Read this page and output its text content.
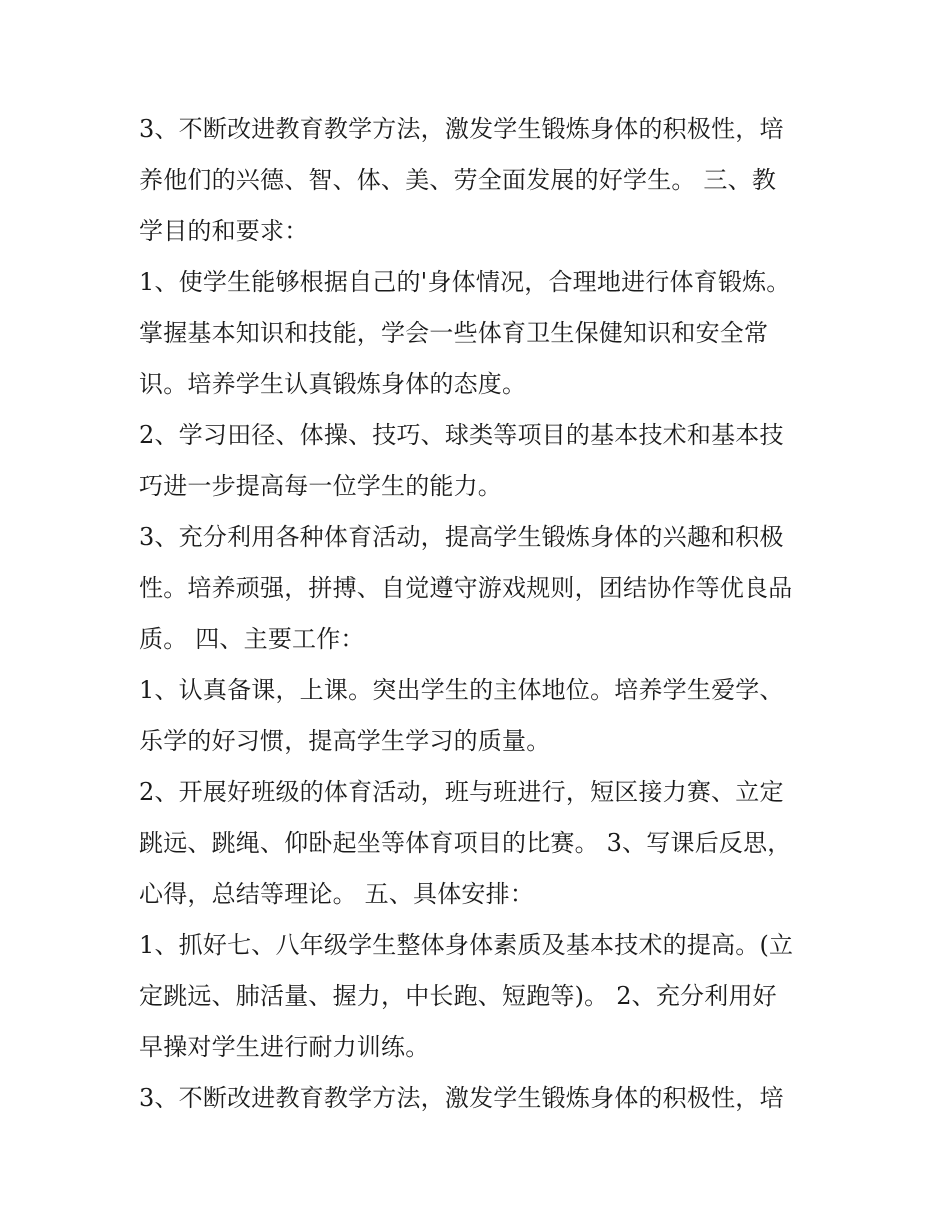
3、不断改进教育教学方法，激发学生锻炼身体的积极性，培
养他们的兴德、智、体、美、劳全面发展的好学生。 三、教
学目的和要求：
1、使学生能够根据自己的'身体情况，合理地进行体育锻炼。
掌握基本知识和技能，学会一些体育卫生保健知识和安全常
识。培养学生认真锻炼身体的态度。
2、学习田径、体操、技巧、球类等项目的基本技术和基本技
巧进一步提高每一位学生的能力。
3、充分利用各种体育活动，提高学生锻炼身体的兴趣和积极
性。培养顽强，拼搏、自觉遵守游戏规则，团结协作等优良品
质。 四、主要工作：
1、认真备课，上课。突出学生的主体地位。培养学生爱学、
乐学的好习惯，提高学生学习的质量。
2、开展好班级的体育活动，班与班进行，短区接力赛、立定
跳远、跳绳、仰卧起坐等体育项目的比赛。 3、写课后反思，
心得，总结等理论。 五、具体安排：
1、抓好七、八年级学生整体身体素质及基本技术的提高。(立
定跳远、肺活量、握力，中长跑、短跑等)。 2、充分利用好
早操对学生进行耐力训练。
3、不断改进教育教学方法，激发学生锻炼身体的积极性，培
